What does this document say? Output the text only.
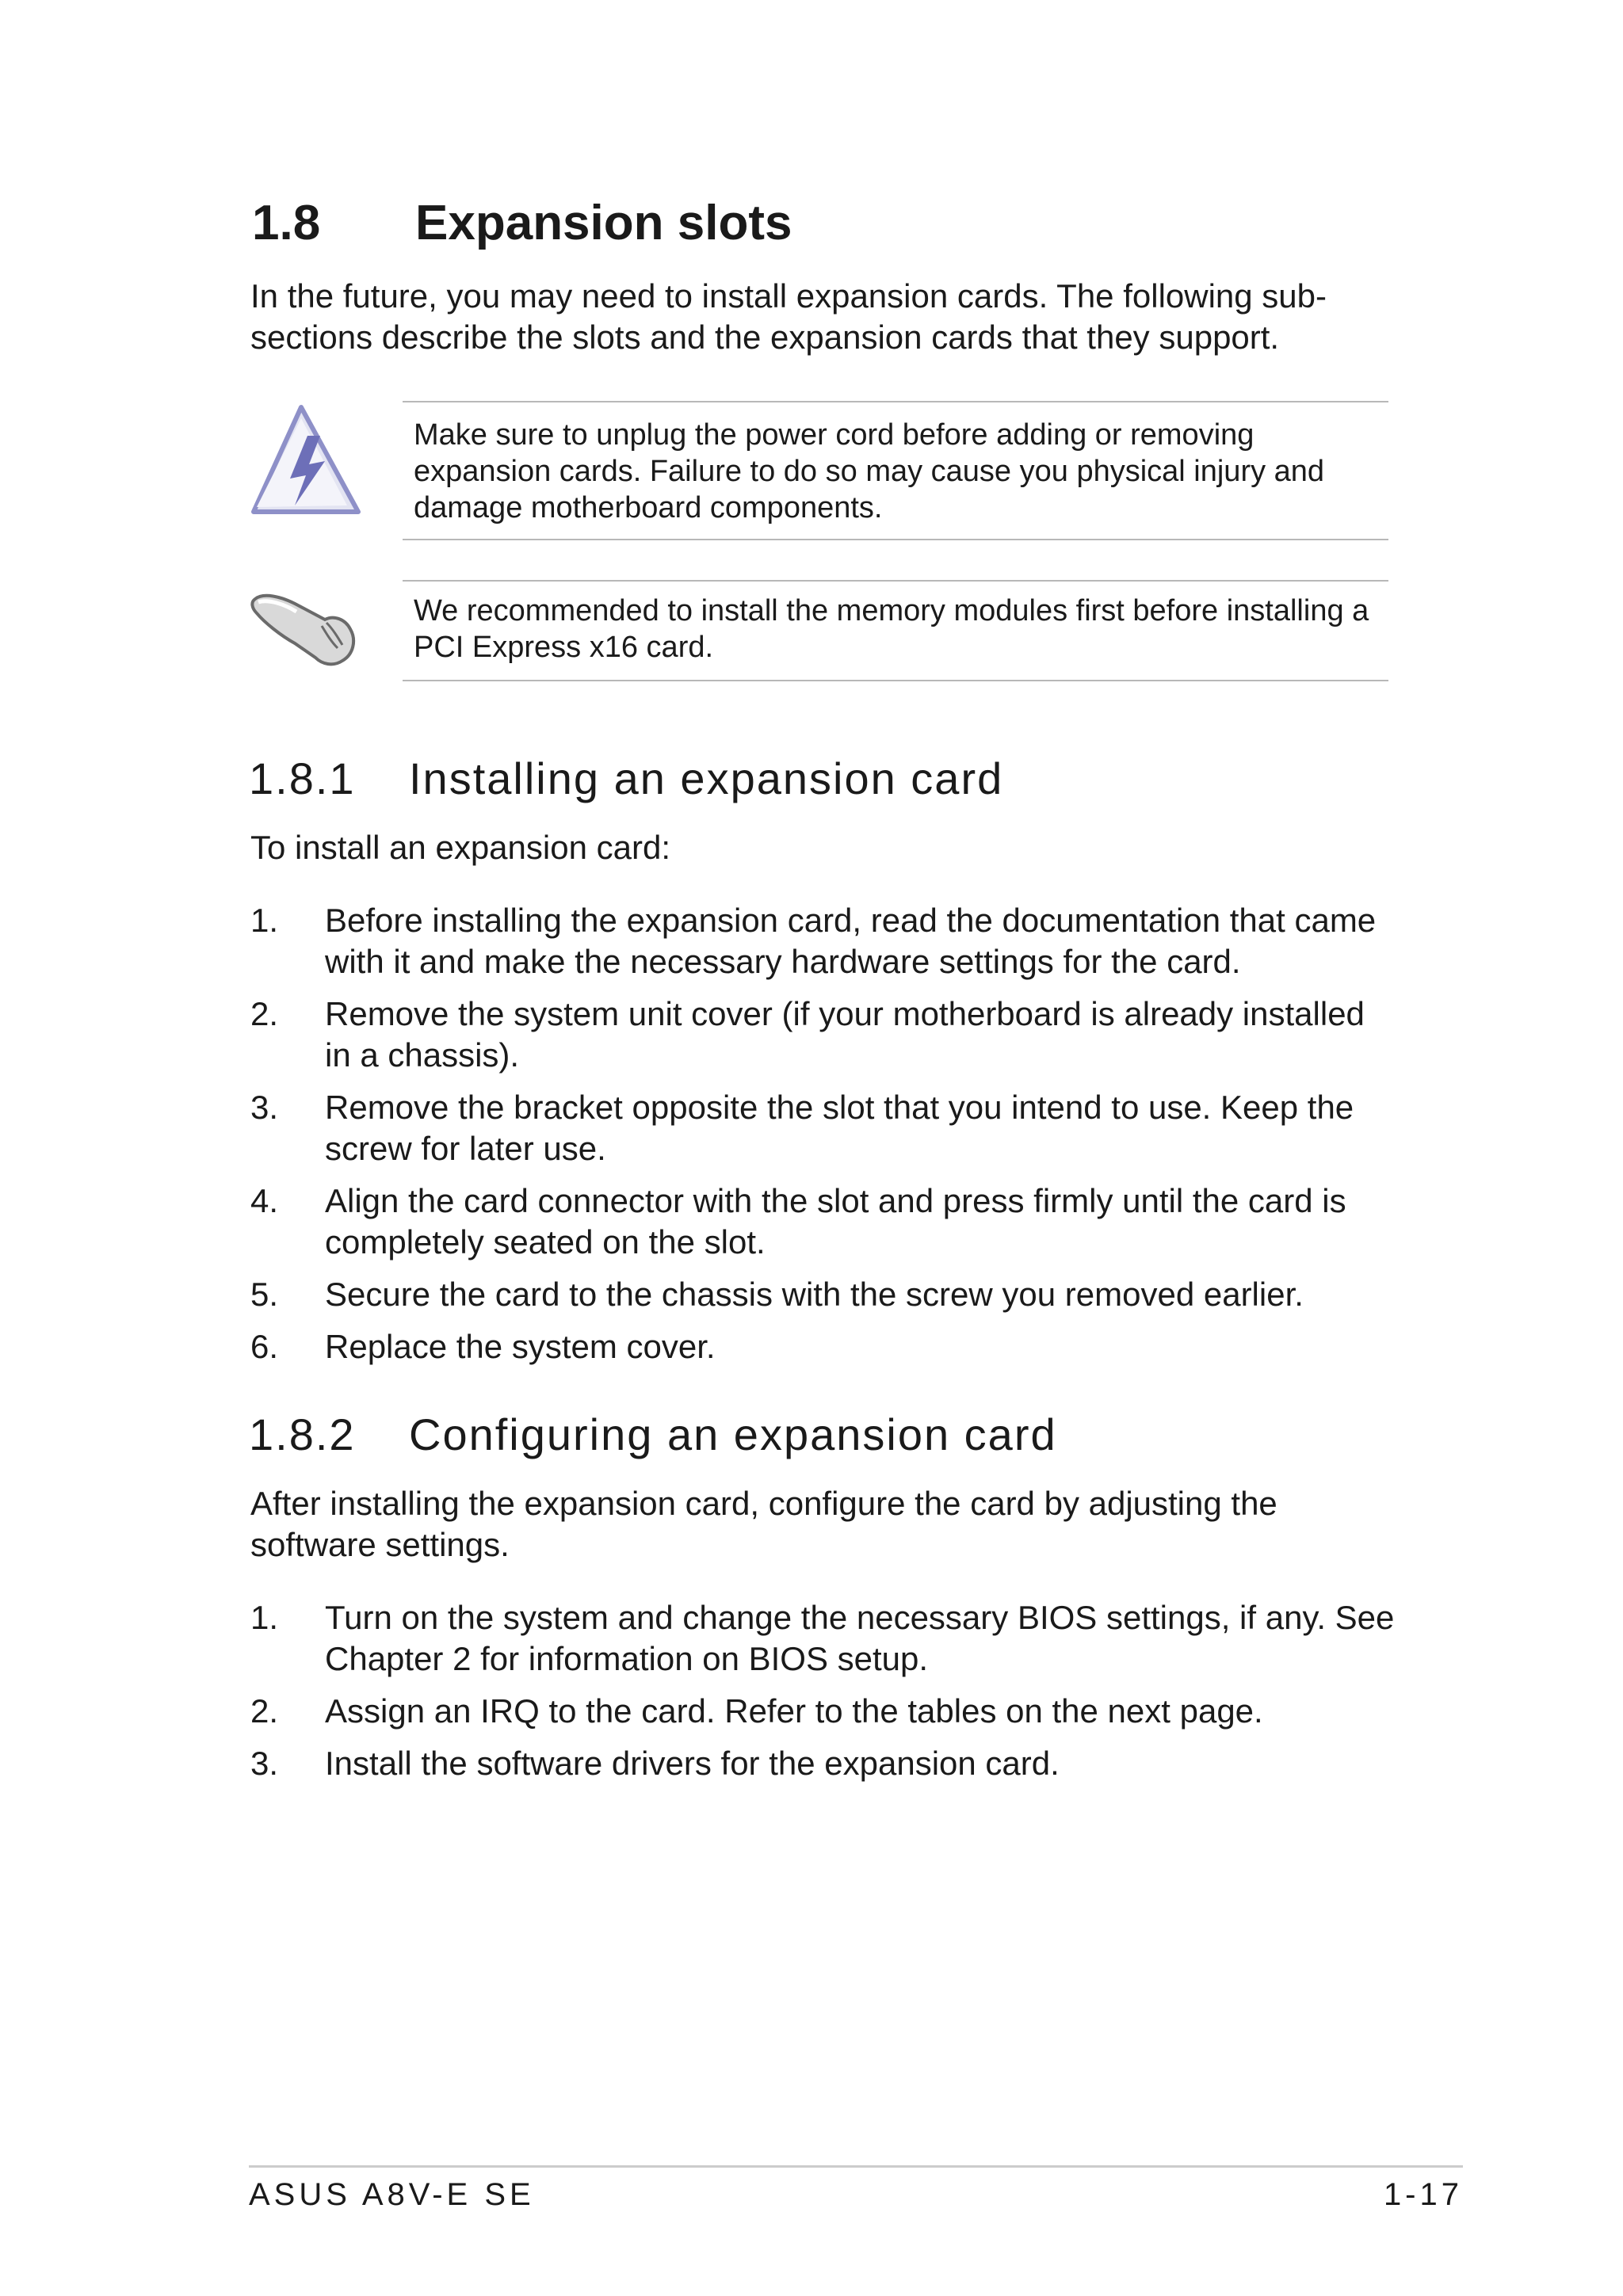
1.8 Expansion slots

In the future, you may need to install expansion cards. The following sub-sections describe the slots and the expansion cards that they support.

Make sure to unplug the power cord before adding or removing expansion cards. Failure to do so may cause you physical injury and damage motherboard components.

We recommended to install the memory modules first before installing a PCI Express x16 card.

1.8.1 Installing an expansion card

To install an expansion card:

1. Before installing the expansion card, read the documentation that came with it and make the necessary hardware settings for the card.
2. Remove the system unit cover (if your motherboard is already installed in a chassis).
3. Remove the bracket opposite the slot that you intend to use. Keep the screw for later use.
4. Align the card connector with the slot and press firmly until the card is completely seated on the slot.
5. Secure the card to the chassis with the screw you removed earlier.
6. Replace the system cover.
1.8.2 Configuring an expansion card

After installing the expansion card, configure the card by adjusting the software settings.

1. Turn on the system and change the necessary BIOS settings, if any. See Chapter 2 for information on BIOS setup.
2. Assign an IRQ to the card. Refer to the tables on the next page.
3. Install the software drivers for the expansion card.
ASUS A8V-E SE	1-17
